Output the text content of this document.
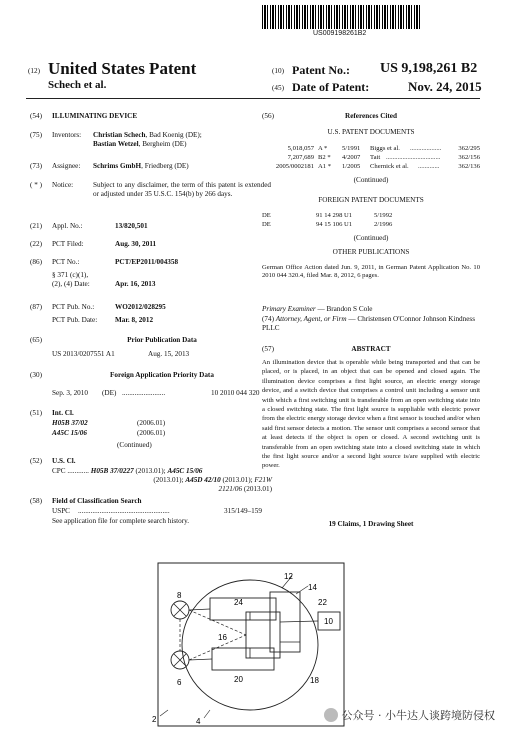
US009198261B2
(12) United States Patent
Schech et al.
(10) Patent No.: US 9,198,261 B2
(45) Date of Patent:	Nov. 24, 2015
(54) ILLUMINATING DEVICE
(75) Inventors: Christian Schech, Bad Koenig (DE);
Bastian Wetzel, Bergheim (DE)
(73) Assignee: Schrims GmbH, Friedberg (DE)
( * ) Notice:	Subject to any disclaimer, the term of this patent is extended or adjusted under 35 U.S.C. 154(b) by 266 days.
(21) Appl. No.:	13/820,501
(22) PCT Filed:	Aug. 30, 2011
(86) PCT No.:	PCT/EP2011/004358
§ 371 (c)(1),
(2), (4) Date:	Apr. 16, 2013
(87) PCT Pub. No.:	WO2012/028295
PCT Pub. Date: Mar. 8, 2012
(65)	Prior Publication Data
US 2013/0207551 A1	Aug. 15, 2013
(30)	Foreign Application Priority Data
Sep. 3, 2010 (DE) ........................	10 2010 044 320
(51) Int. Cl.
H05B 37/02	(2006.01)
A45C 15/06	(2006.01)
(Continued)
(52) U.S. Cl.
CPC ............ H05B 37/0227 (2013.01); A45C 15/06
(2013.01); A45D 42/10 (2013.01); F21W
2121/06 (2013.01)
(58) Field of Classification Search
USPC ...................................................	315/149–159
See application file for complete search history.
(56)	References Cited
U.S. PATENT DOCUMENTS
5,018,057 A * 5/1991 Biggs et al. ...................	362/295
7,207,689 B2 * 4/2007 Tait .................................	362/156
2005/0002181 A1 * 1/2005 Chernick et al. .............	362/136
(Continued)
FOREIGN PATENT DOCUMENTS
DE	91 14 298 U1	5/1992
DE	94 15 106 U1	2/1996
(Continued)
OTHER PUBLICATIONS
German Office Action dated Jun. 9, 2011, in German Patent Application No. 10 2010 044 320.4, filed Mar. 8, 2012, 6 pages.
Primary Examiner — Brandon S Cole
(74) Attorney, Agent, or Firm — Christensen O'Connor Johnson Kindness PLLC
(57)	ABSTRACT
An illumination device that is operable while being transported and that can be placed, or is placed, in an object that can be opened and closed again. The illumination device comprises a first light source, an electric energy storage device, and a switch device that comprises a control unit including a sensor unit with which a first switching unit is transferable from an open switching state into a closed switching state. The first light source is suppliable with electric power from the electric energy storage device when a first sensor is touched and/or when said first sensor detects a motion. The sensor unit comprises a second sensor that at least detects if the object is open or closed. A second switching unit is transferable from an open switching state into a closed switching state in which the first light source and/or a second light source is/are supplied with electric power.
19 Claims, 1 Drawing Sheet
12
14
22
10
24
16
8
6	20	18
2	4	公众号 · 小牛达人谈跨境防侵权
